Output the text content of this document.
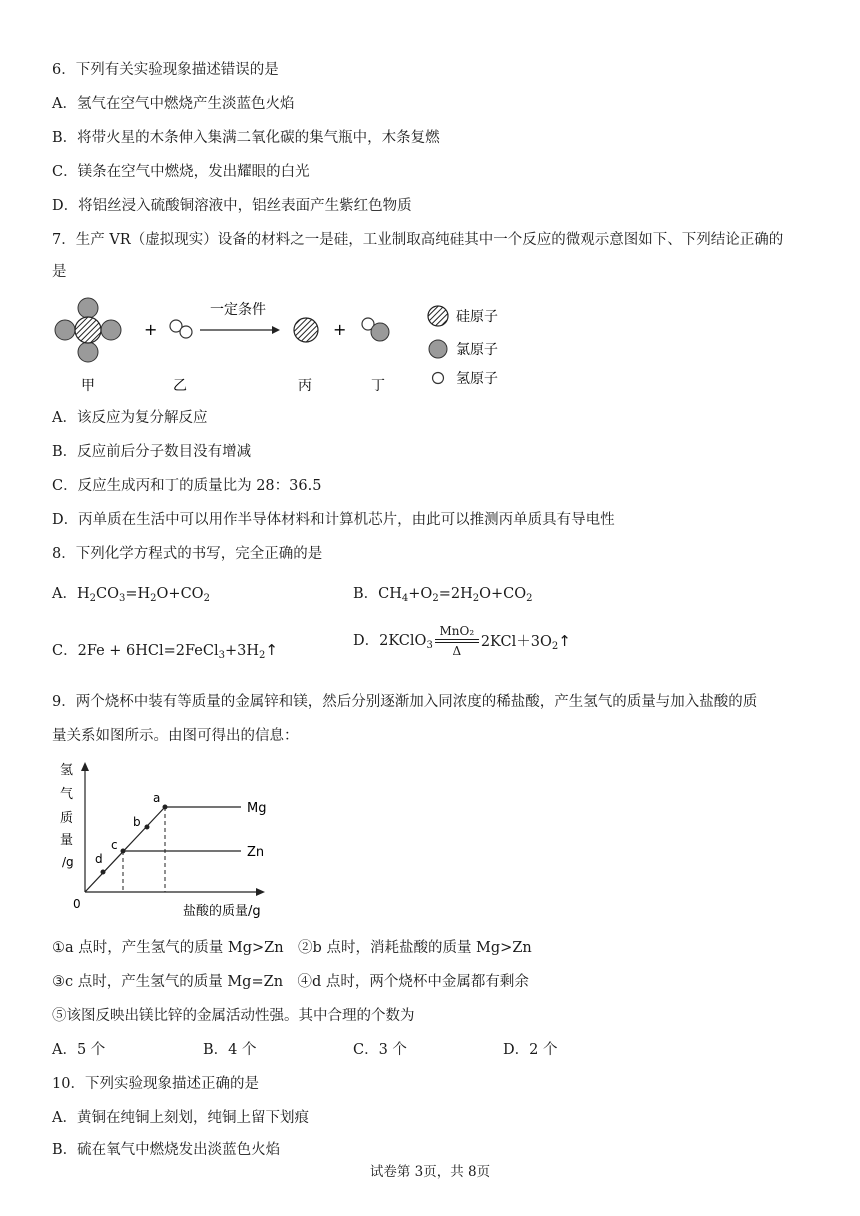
6．下列有关实验现象描述错误的是
A．氢气在空气中燃烧产生淡蓝色火焰
B．将带火星的木条伸入集满二氧化碳的集气瓶中，木条复燃
C．镁条在空气中燃烧，发出耀眼的白光
D．将铝丝浸入硫酸铜溶液中，铝丝表面产生紫红色物质
7．生产 VR（虚拟现实）设备的材料之一是硅，工业制取高纯硅其中一个反应的微观示意图如下、下列结论正确的
是
+
一定条件
+
甲	乙	丙	丁
硅原子
氯原子
氢原子
A．该反应为复分解反应
B．反应前后分子数目没有增减
C．反应生成丙和丁的质量比为 28：36.5
D．丙单质在生活中可以用作半导体材料和计算机芯片，由此可以推测丙单质具有导电性
8．下列化学方程式的书写，完全正确的是
A．$H_2CO_3=H_2O+CO_2$	B．$CH_4+O_2=2H_2O+CO_2$
C．$2Fe + 6HCl=2FeCl_3+3H_2↑$	D．2KClO$_3$ $\frac{\text{MnO₂}}{\Delta}$ $2KCl+3O_2↑$
9．两个烧杯中装有等质量的金属锌和镁，然后分别逐渐加入同浓度的稀盐酸，产生氢气的质量与加入盐酸的质
量关系如图所示。由图可得出的信息：
氢
气
质
量
/g
0	盐酸的质量/g
Mg
Zn
a
b
c
d
①a 点时，产生氢气的质量 Mg>Zn　②b 点时，消耗盐酸的质量 Mg>Zn
③c 点时，产生氢气的质量 Mg=Zn　④d 点时，两个烧杯中金属都有剩余
⑤该图反映出镁比锌的金属活动性强。其中合理的个数为
A．5 个	B．4 个	C．3 个	D．2 个
10．下列实验现象描述正确的是
A．黄铜在纯铜上刻划，纯铜上留下划痕
B．硫在氧气中燃烧发出淡蓝色火焰
试卷第 3页，共 8页
